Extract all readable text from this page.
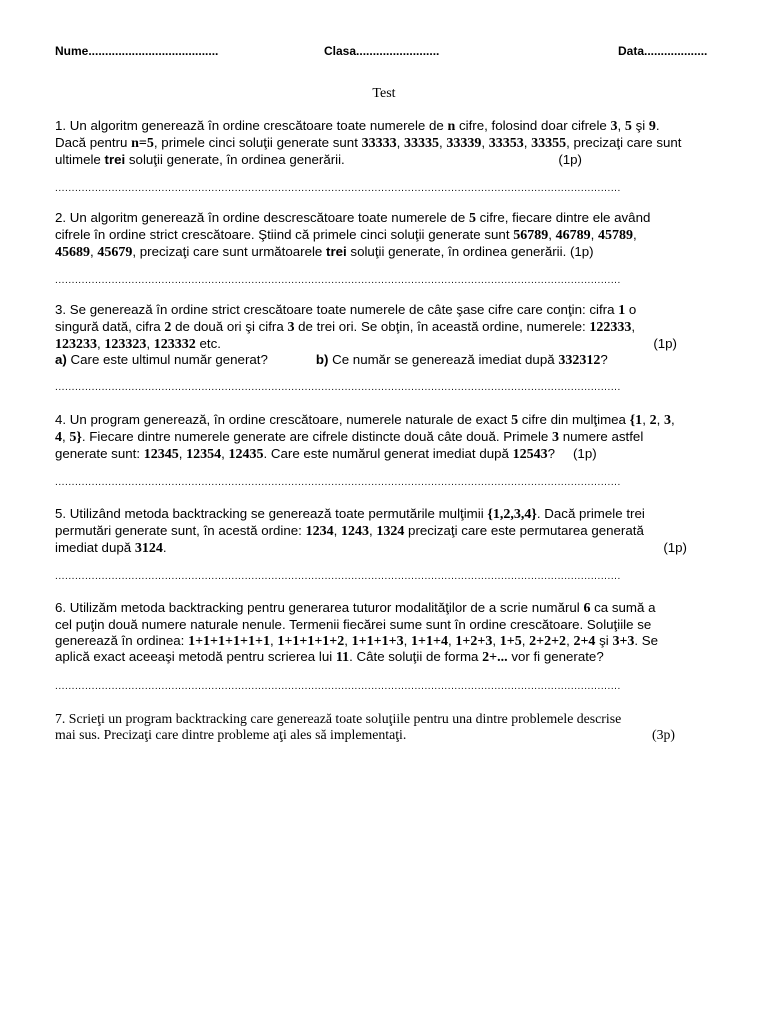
Nume.......................................	Clasa.........................	Data...................
Test
1. Un algoritm generează în ordine crescătoare toate numerele de n cifre, folosind doar cifrele 3, 5 şi 9.
Dacă pentru n=5, primele cinci soluţii generate sunt 33333, 33335, 33339, 33353, 33355, precizaţi care sunt
ultimele trei soluţii generate, în ordinea generării.	(1p)
..........................................................................................................................................................................
2. Un algoritm generează în ordine descrescătoare toate numerele de 5 cifre, fiecare dintre ele având
cifrele în ordine strict crescătoare. Ştiind că primele cinci soluţii generate sunt 56789, 46789, 45789,
45689, 45679, precizaţi care sunt următoarele trei soluţii generate, în ordinea generării. (1p)
..........................................................................................................................................................................
3. Se generează în ordine strict crescătoare toate numerele de câte şase cifre care conţin: cifra 1 o
singură dată, cifra 2 de două ori şi cifra 3 de trei ori. Se obţin, în această ordine, numerele: 122333,
123233, 123323, 123332 etc.	(1p)
a) Care este ultimul număr generat?	b) Ce număr se generează imediat după 332312?
..........................................................................................................................................................................
4. Un program generează, în ordine crescătoare, numerele naturale de exact 5 cifre din mulţimea {1, 2, 3,
4, 5}. Fiecare dintre numerele generate are cifrele distincte două câte două. Primele 3 numere astfel
generate sunt: 12345, 12354, 12435. Care este numărul generat imediat după 12543? (1p)
..........................................................................................................................................................................
5. Utilizând metoda backtracking se generează toate permutările mulţimii {1,2,3,4}. Dacă primele trei
permutări generate sunt, în acestă ordine: 1234, 1243, 1324 precizaţi care este permutarea generată
imediat după 3124.	(1p)
..........................................................................................................................................................................
6. Utilizăm metoda backtracking pentru generarea tuturor modalităţilor de a scrie numărul 6 ca sumă a
cel puţin două numere naturale nenule. Termenii fiecărei sume sunt în ordine crescătoare. Soluţiile se
generează în ordinea: 1+1+1+1+1+1, 1+1+1+1+2, 1+1+1+3, 1+1+4, 1+2+3, 1+5, 2+2+2, 2+4 şi 3+3. Se
aplică exact aceeaşi metodă pentru scrierea lui 11. Câte soluţii de forma 2+... vor fi generate?
..........................................................................................................................................................................
7. Scrieţi un program backtracking care generează toate soluţiile pentru una dintre problemele descrise
mai sus. Precizaţi care dintre probleme aţi ales să implementaţi.	(3p)
